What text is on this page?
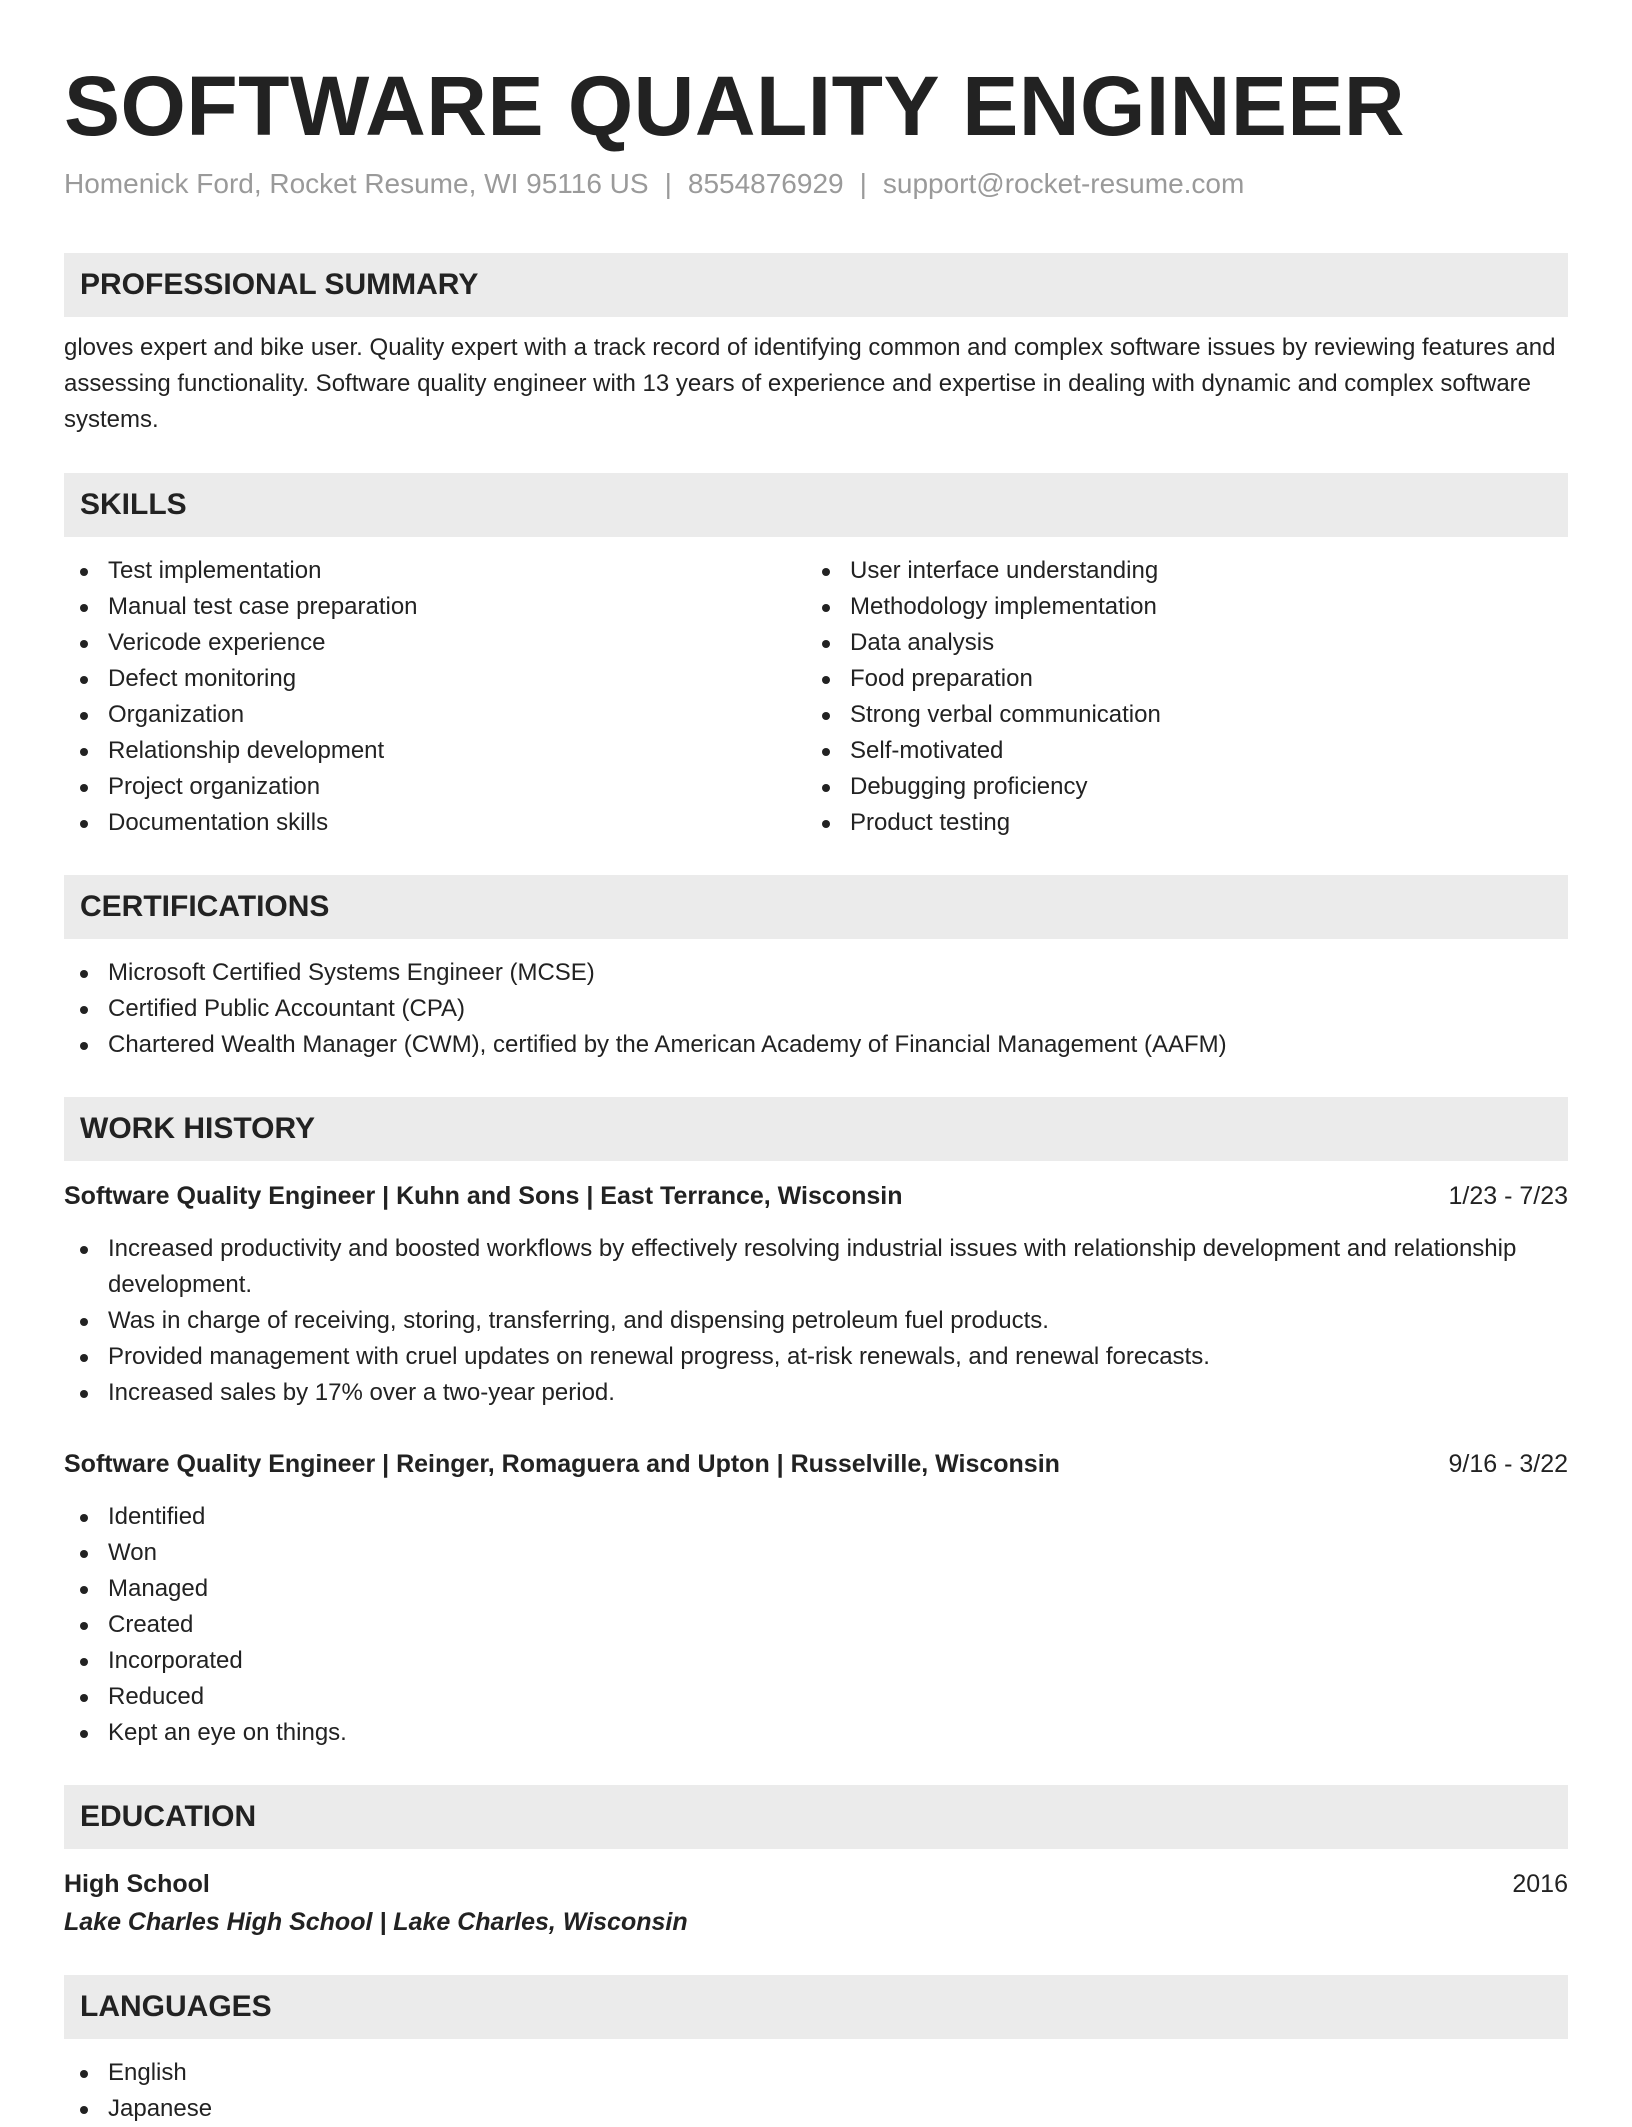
SOFTWARE QUALITY ENGINEER
Homenick Ford, Rocket Resume, WI 95116 US | 8554876929 | support@rocket-resume.com
PROFESSIONAL SUMMARY
gloves expert and bike user. Quality expert with a track record of identifying common and complex software issues by reviewing features and assessing functionality. Software quality engineer with 13 years of experience and expertise in dealing with dynamic and complex software systems.
SKILLS
Test implementation
Manual test case preparation
Vericode experience
Defect monitoring
Organization
Relationship development
Project organization
Documentation skills
User interface understanding
Methodology implementation
Data analysis
Food preparation
Strong verbal communication
Self-motivated
Debugging proficiency
Product testing
CERTIFICATIONS
Microsoft Certified Systems Engineer (MCSE)
Certified Public Accountant (CPA)
Chartered Wealth Manager (CWM), certified by the American Academy of Financial Management (AAFM)
WORK HISTORY
Software Quality Engineer | Kuhn and Sons | East Terrance, Wisconsin	1/23 - 7/23
Increased productivity and boosted workflows by effectively resolving industrial issues with relationship development and relationship development.
Was in charge of receiving, storing, transferring, and dispensing petroleum fuel products.
Provided management with cruel updates on renewal progress, at-risk renewals, and renewal forecasts.
Increased sales by 17% over a two-year period.
Software Quality Engineer | Reinger, Romaguera and Upton | Russelville, Wisconsin	9/16 - 3/22
Identified
Won
Managed
Created
Incorporated
Reduced
Kept an eye on things.
EDUCATION
High School	2016
Lake Charles High School | Lake Charles, Wisconsin
LANGUAGES
English
Japanese
